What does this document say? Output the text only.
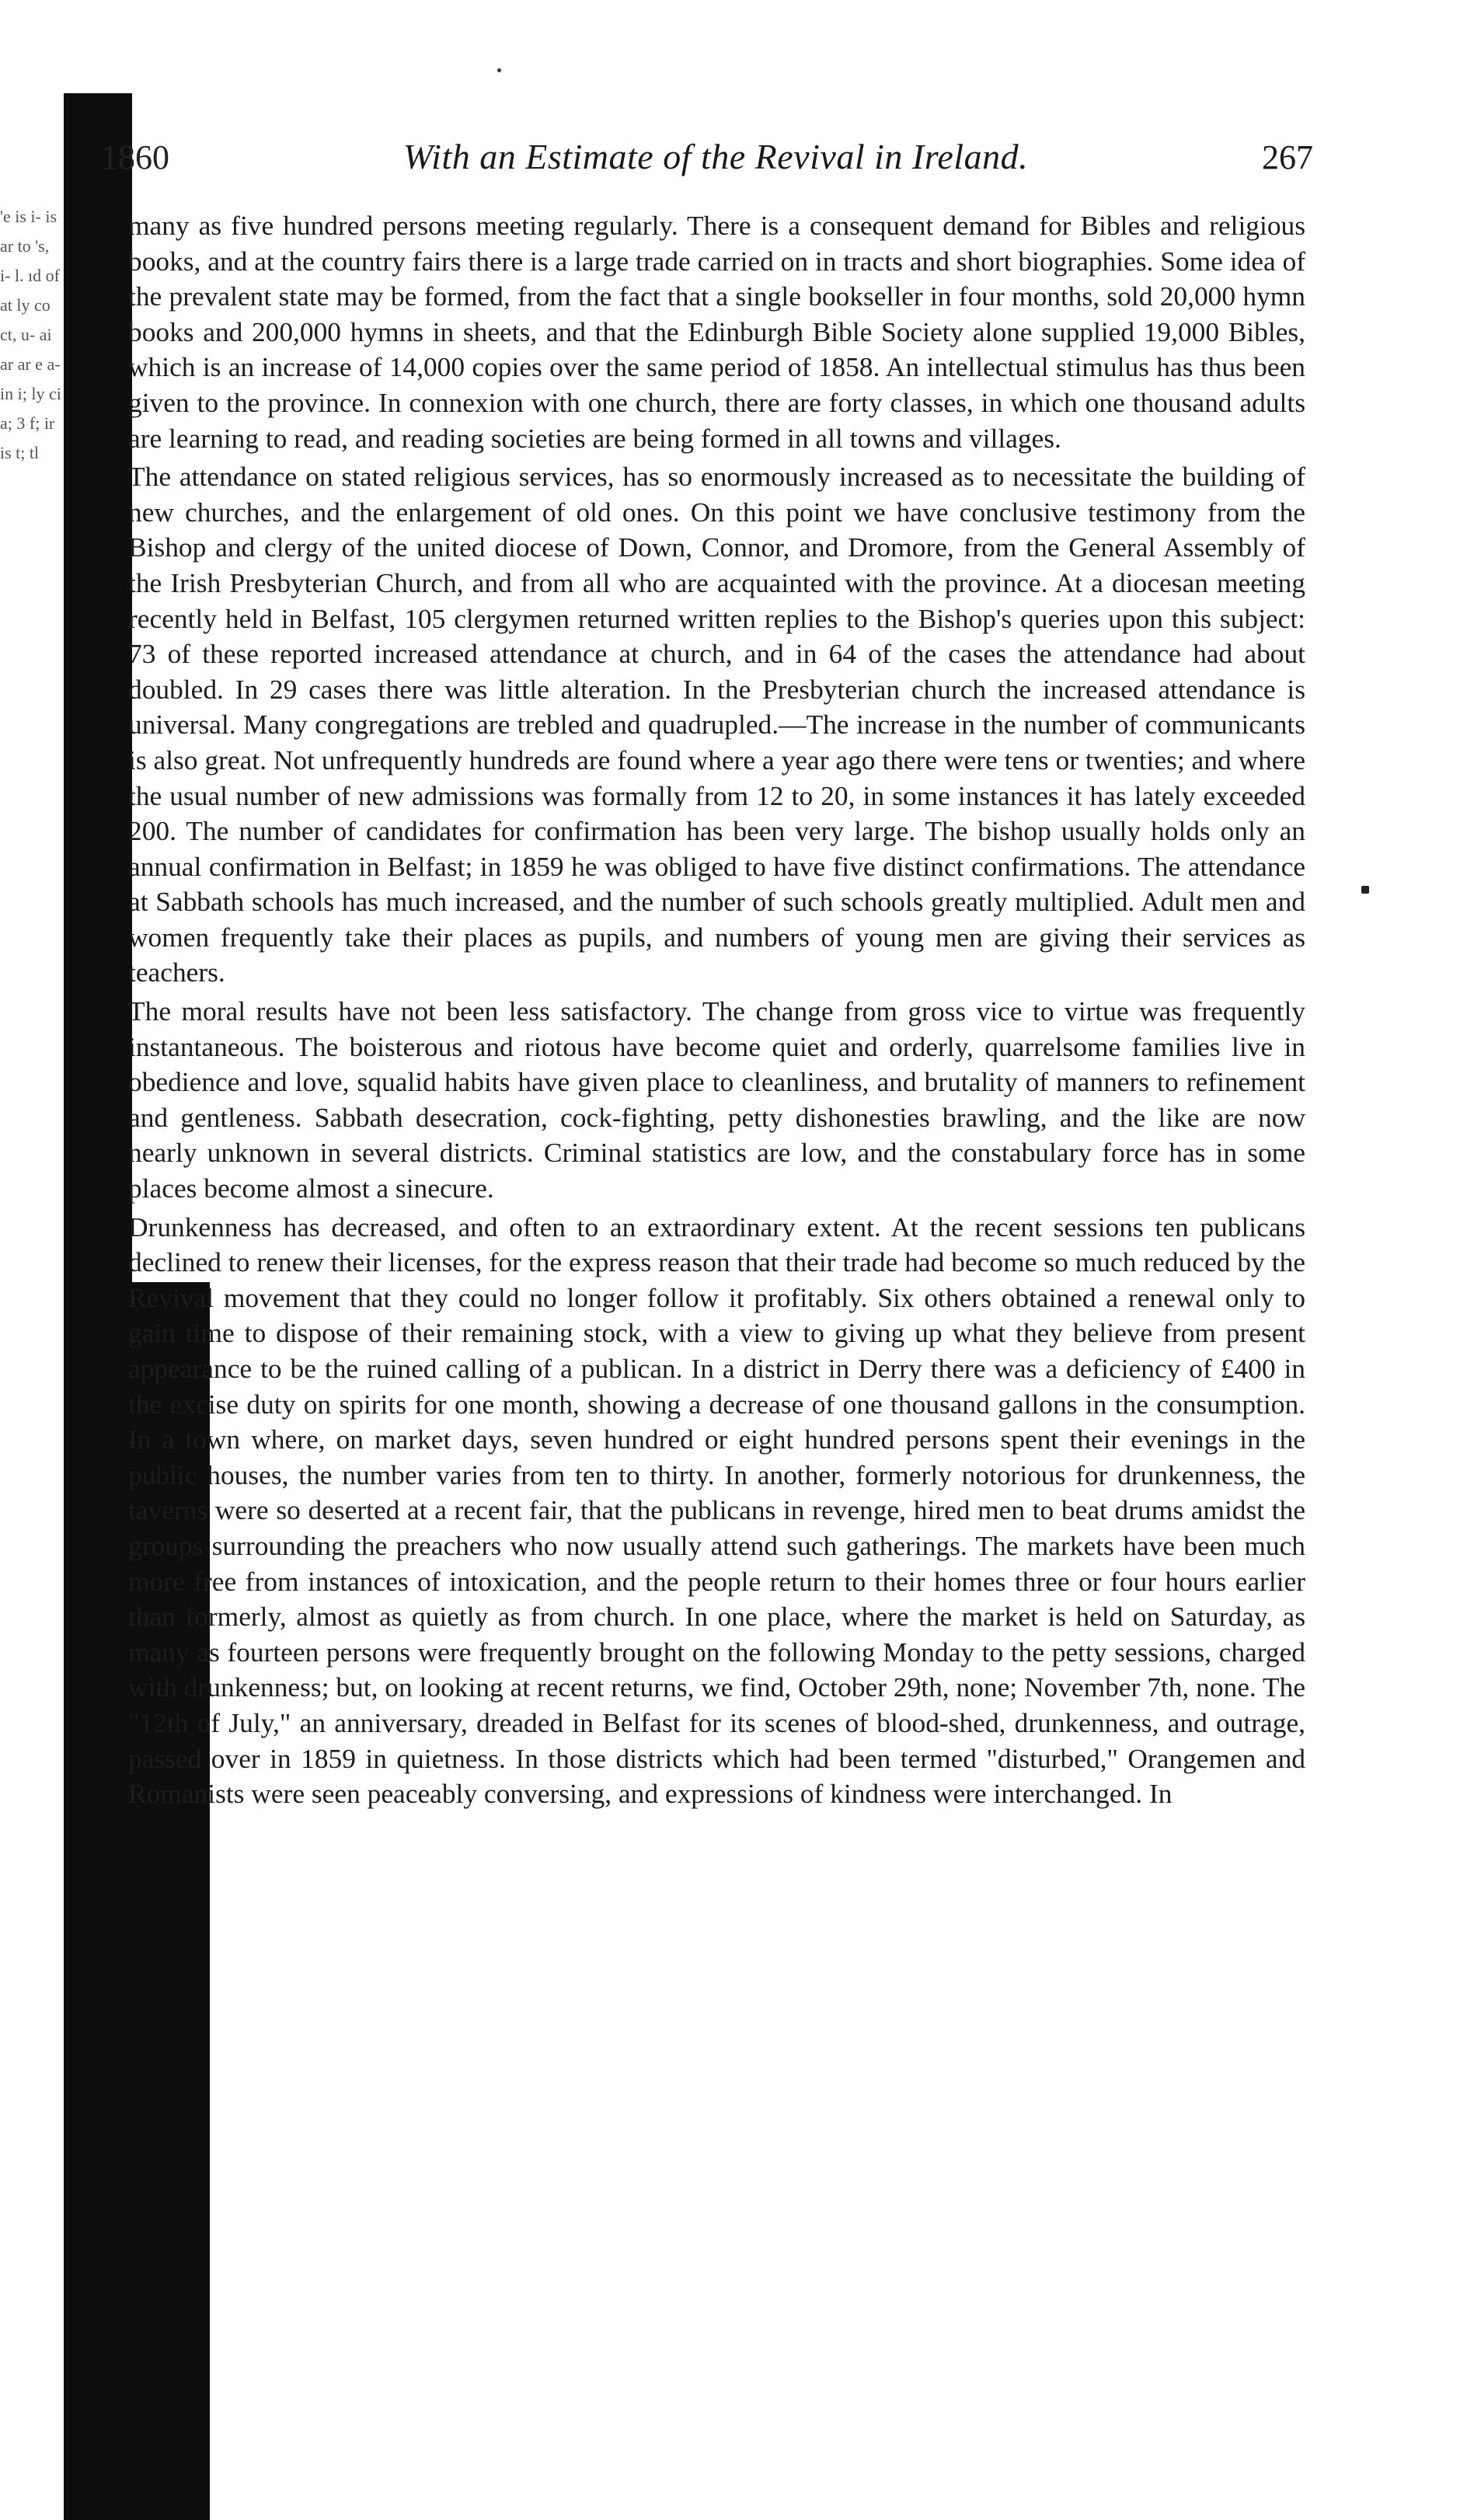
'e is i- is ar to 's, i- l. ıd of at ly co ct, u- ai ar ar e a- in i; ly ci a; 3 f; ir is t; tl
1860	With an Estimate of the Revival in Ireland.	267

many as five hundred persons meeting regularly. There is a consequent demand for Bibles and religious books, and at the country fairs there is a large trade carried on in tracts and short biographies. Some idea of the prevalent state may be formed, from the fact that a single bookseller in four months, sold 20,000 hymn books and 200,000 hymns in sheets, and that the Edinburgh Bible Society alone supplied 19,000 Bibles, which is an increase of 14,000 copies over the same period of 1858. An intellectual stimulus has thus been given to the province. In connexion with one church, there are forty classes, in which one thousand adults are learning to read, and reading societies are being formed in all towns and villages.

The attendance on stated religious services, has so enormously increased as to necessitate the building of new churches, and the enlargement of old ones. On this point we have conclusive testimony from the Bishop and clergy of the united diocese of Down, Connor, and Dromore, from the General Assembly of the Irish Presbyterian Church, and from all who are acquainted with the province. At a diocesan meeting recently held in Belfast, 105 clergymen returned written replies to the Bishop's queries upon this subject: 73 of these reported increased attendance at church, and in 64 of the cases the attendance had about doubled. In 29 cases there was little alteration. In the Presbyterian church the increased attendance is universal. Many congregations are trebled and quadrupled.—The increase in the number of communicants is also great. Not unfrequently hundreds are found where a year ago there were tens or twenties; and where the usual number of new admissions was formally from 12 to 20, in some instances it has lately exceeded 200. The number of candidates for confirmation has been very large. The bishop usually holds only an annual confirmation in Belfast; in 1859 he was obliged to have five distinct confirmations. The attendance at Sabbath schools has much increased, and the number of such schools greatly multiplied. Adult men and women frequently take their places as pupils, and numbers of young men are giving their services as teachers.

The moral results have not been less satisfactory. The change from gross vice to virtue was frequently instantaneous. The boisterous and riotous have become quiet and orderly, quarrelsome families live in obedience and love, squalid habits have given place to cleanliness, and brutality of manners to refinement and gentleness. Sabbath desecration, cock-fighting, petty dishonesties brawling, and the like are now nearly unknown in several districts. Criminal statistics are low, and the constabulary force has in some places become almost a sinecure.

Drunkenness has decreased, and often to an extraordinary extent. At the recent sessions ten publicans declined to renew their licenses, for the express reason that their trade had become so much reduced by the Revival movement that they could no longer follow it profitably. Six others obtained a renewal only to gain time to dispose of their remaining stock, with a view to giving up what they believe from present appearance to be the ruined calling of a publican. In a district in Derry there was a deficiency of £400 in the excise duty on spirits for one month, showing a decrease of one thousand gallons in the consumption. In a town where, on market days, seven hundred or eight hundred persons spent their evenings in the public houses, the number varies from ten to thirty. In another, formerly notorious for drunkenness, the taverns were so deserted at a recent fair, that the publicans in revenge, hired men to beat drums amidst the groups surrounding the preachers who now usually attend such gatherings. The markets have been much more free from instances of intoxication, and the people return to their homes three or four hours earlier than formerly, almost as quietly as from church. In one place, where the market is held on Saturday, as many as fourteen persons were frequently brought on the following Monday to the petty sessions, charged with drunkenness; but, on looking at recent returns, we find, October 29th, none; November 7th, none. The "12th of July," an anniversary, dreaded in Belfast for its scenes of blood-shed, drunkenness, and outrage, passed over in 1859 in quietness. In those districts which had been termed "disturbed," Orangemen and Romanists were seen peaceably conversing, and expressions of kindness were interchanged. In
